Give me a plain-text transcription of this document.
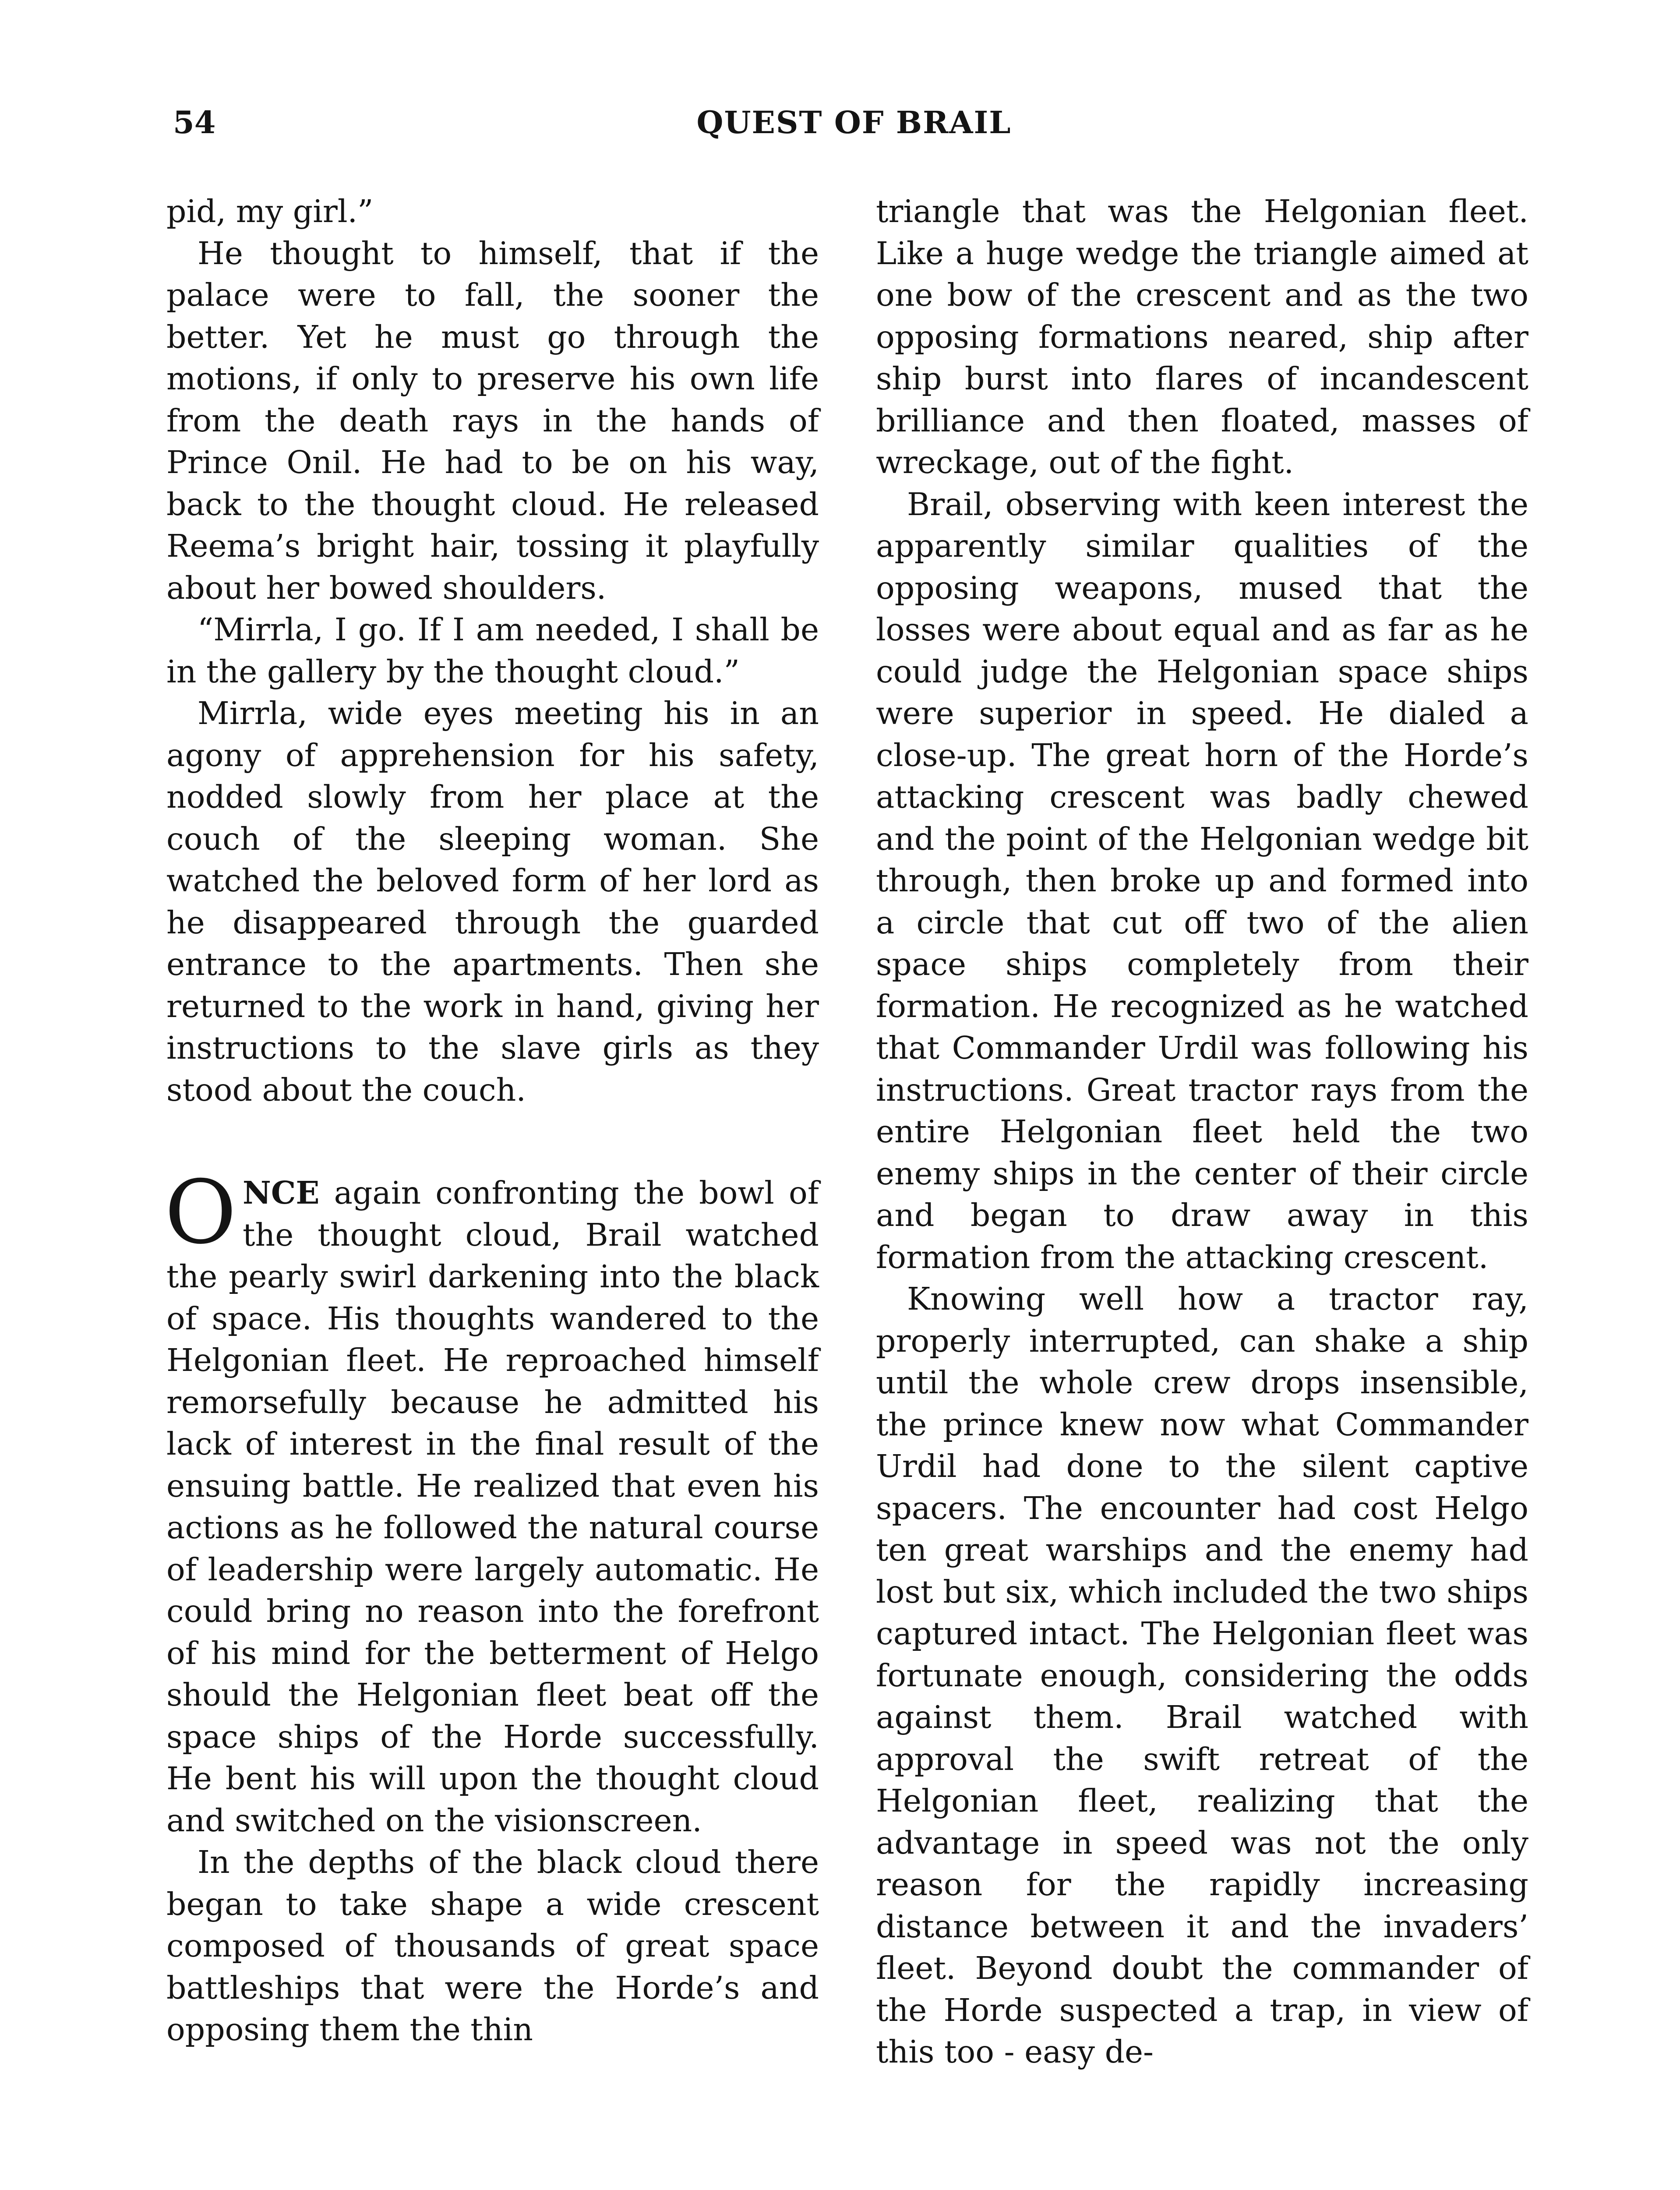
54	QUEST OF BRAIL

pid, my girl.”

He thought to himself, that if the palace were to fall, the sooner the better. Yet he must go through the motions, if only to preserve his own life from the death rays in the hands of Prince Onil. He had to be on his way, back to the thought cloud. He released Reema’s bright hair, tossing it playfully about her bowed shoulders.

“Mirrla, I go. If I am needed, I shall be in the gallery by the thought cloud.”

Mirrla, wide eyes meeting his in an agony of apprehension for his safety, nodded slowly from her place at the couch of the sleeping woman. She watched the beloved form of her lord as he disappeared through the guarded entrance to the apartments. Then she returned to the work in hand, giving her instructions to the slave girls as they stood about the couch.

ONCE again confronting the bowl of the thought cloud, Brail watched the pearly swirl darkening into the black of space. His thoughts wandered to the Helgonian fleet. He reproached himself remorsefully because he admitted his lack of interest in the final result of the ensuing battle. He realized that even his actions as he followed the natural course of leadership were largely automatic. He could bring no reason into the forefront of his mind for the betterment of Helgo should the Helgonian fleet beat off the space ships of the Horde successfully. He bent his will upon the thought cloud and switched on the visionscreen.

In the depths of the black cloud there began to take shape a wide crescent composed of thousands of great space battleships that were the Horde’s and opposing them the thin

triangle that was the Helgonian fleet. Like a huge wedge the triangle aimed at one bow of the crescent and as the two opposing formations neared, ship after ship burst into flares of incandescent brilliance and then floated, masses of wreckage, out of the fight.

Brail, observing with keen interest the apparently similar qualities of the opposing weapons, mused that the losses were about equal and as far as he could judge the Helgonian space ships were superior in speed. He dialed a close-up. The great horn of the Horde’s attacking crescent was badly chewed and the point of the Helgonian wedge bit through, then broke up and formed into a circle that cut off two of the alien space ships completely from their formation. He recognized as he watched that Commander Urdil was following his instructions. Great tractor rays from the entire Helgonian fleet held the two enemy ships in the center of their circle and began to draw away in this formation from the attacking crescent.

Knowing well how a tractor ray, properly interrupted, can shake a ship until the whole crew drops insensible, the prince knew now what Commander Urdil had done to the silent captive spacers. The encounter had cost Helgo ten great warships and the enemy had lost but six, which included the two ships captured intact. The Helgonian fleet was fortunate enough, considering the odds against them. Brail watched with approval the swift retreat of the Helgonian fleet, realizing that the advantage in speed was not the only reason for the rapidly increasing distance between it and the invaders’ fleet. Beyond doubt the commander of the Horde suspected a trap, in view of this too - easy de-
